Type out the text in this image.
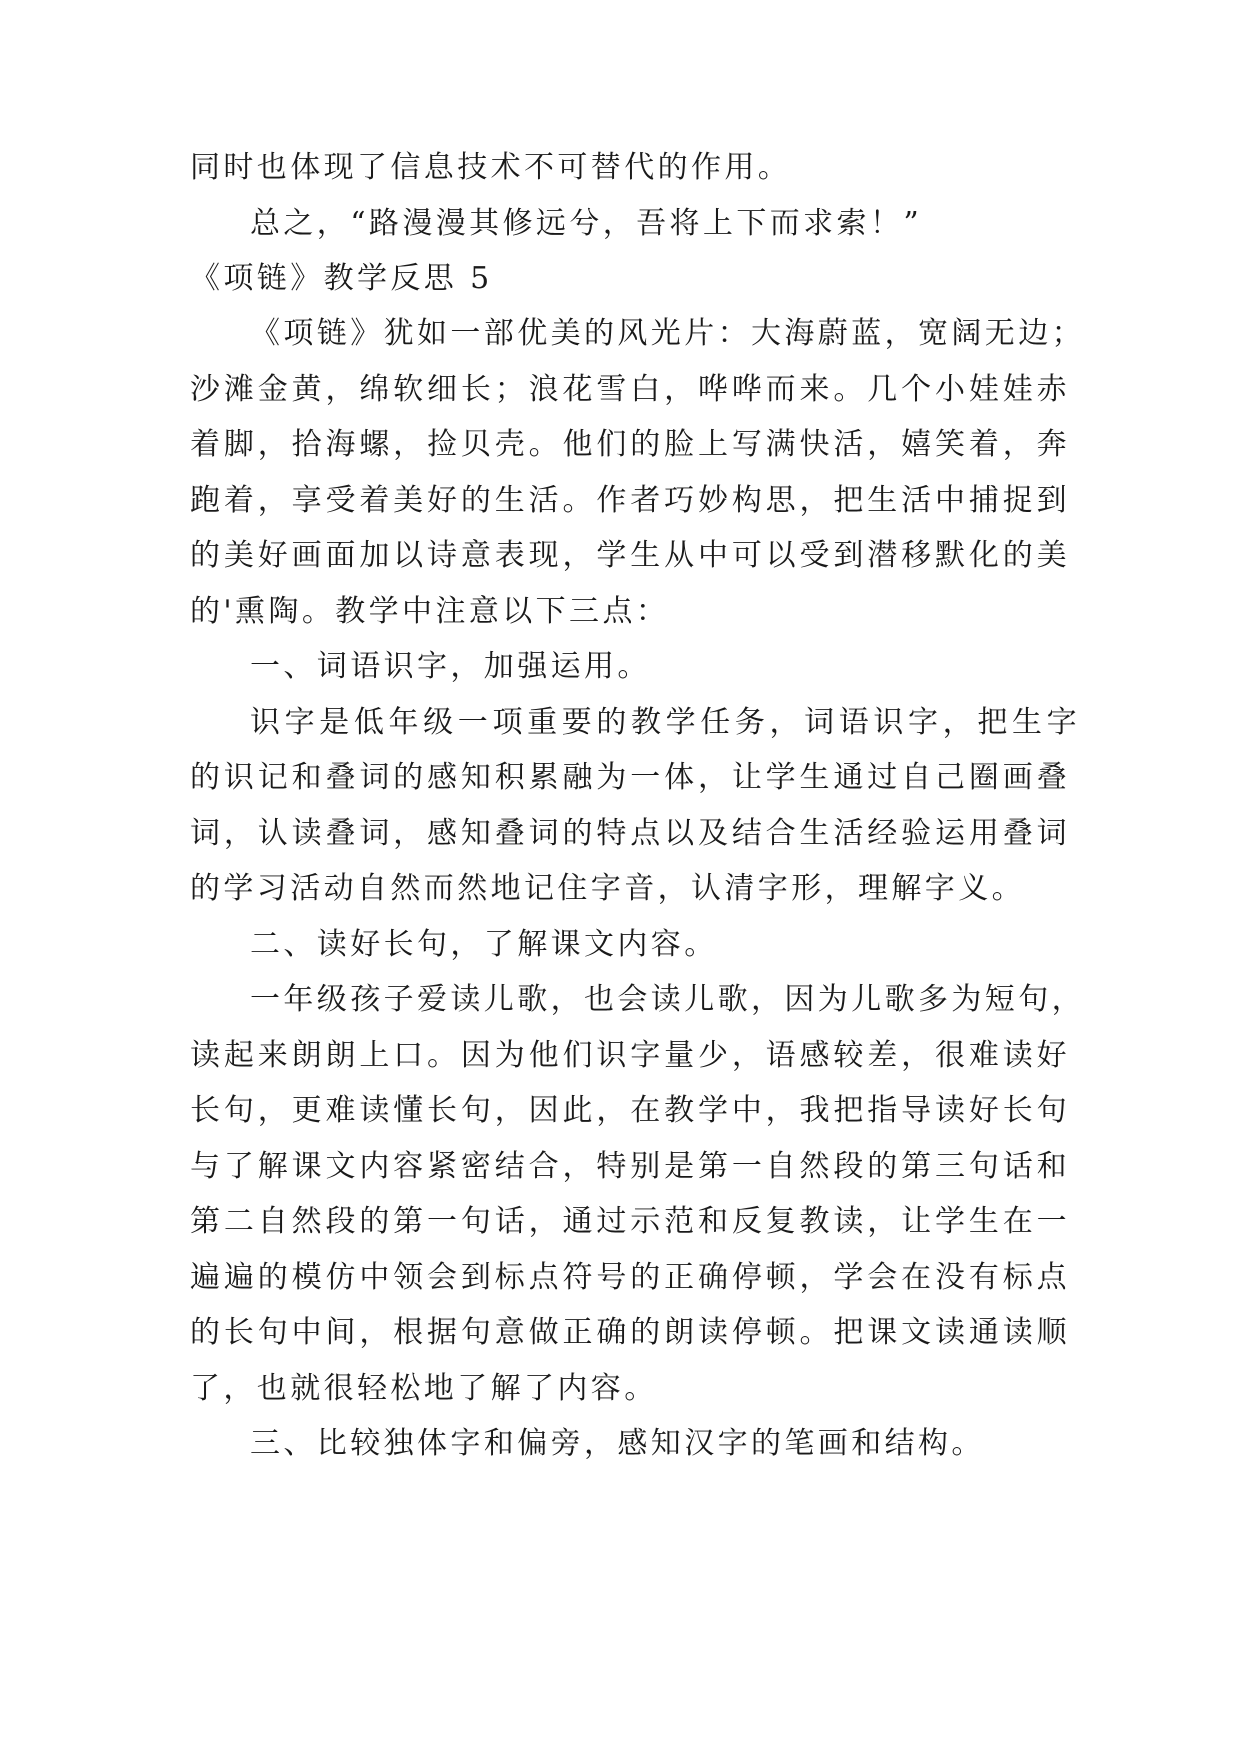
同时也体现了信息技术不可替代的作用。
总之，“路漫漫其修远兮，吾将上下而求索！”
《项链》教学反思 5
《项链》犹如一部优美的风光片：大海蔚蓝，宽阔无边；
沙滩金黄，绵软细长；浪花雪白，哗哗而来。几个小娃娃赤
着脚，拾海螺，捡贝壳。他们的脸上写满快活，嬉笑着，奔
跑着，享受着美好的生活。作者巧妙构思，把生活中捕捉到
的美好画面加以诗意表现，学生从中可以受到潜移默化的美
的'熏陶。教学中注意以下三点：
一、词语识字，加强运用。
识字是低年级一项重要的教学任务，词语识字，把生字
的识记和叠词的感知积累融为一体，让学生通过自己圈画叠
词，认读叠词，感知叠词的特点以及结合生活经验运用叠词
的学习活动自然而然地记住字音，认清字形，理解字义。
二、读好长句，了解课文内容。
一年级孩子爱读儿歌，也会读儿歌，因为儿歌多为短句，
读起来朗朗上口。因为他们识字量少，语感较差，很难读好
长句，更难读懂长句，因此，在教学中，我把指导读好长句
与了解课文内容紧密结合，特别是第一自然段的第三句话和
第二自然段的第一句话，通过示范和反复教读，让学生在一
遍遍的模仿中领会到标点符号的正确停顿，学会在没有标点
的长句中间，根据句意做正确的朗读停顿。把课文读通读顺
了，也就很轻松地了解了内容。
三、比较独体字和偏旁，感知汉字的笔画和结构。
